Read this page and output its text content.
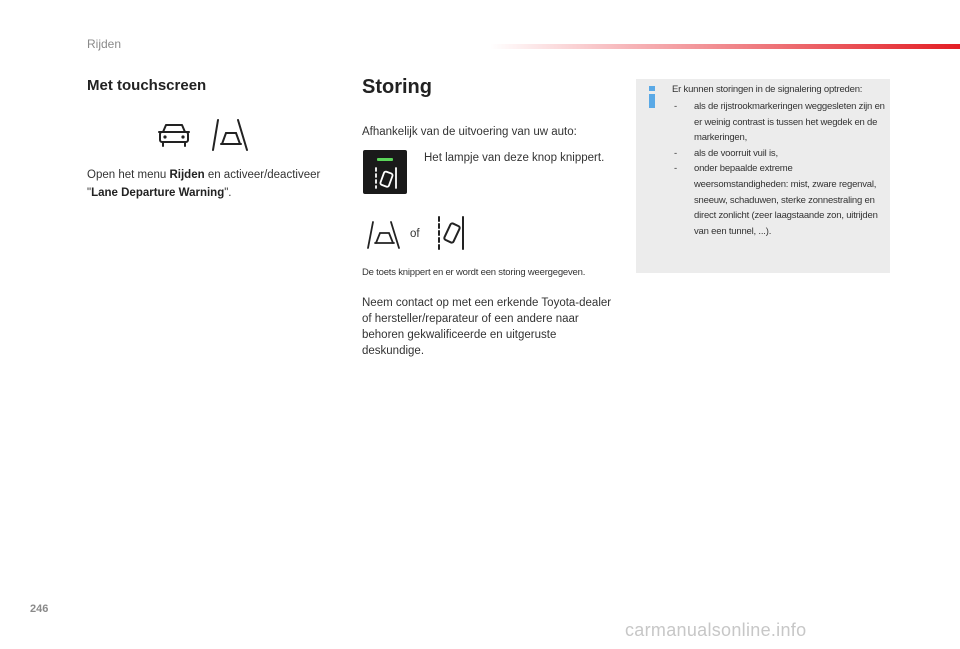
Rijden
Met touchscreen
Open het menu Rijden en activeer/deactiveer "Lane Departure Warning".
Storing
Afhankelijk van de uitvoering van uw auto:
Het lampje van deze knop knippert.
of
De toets knippert en er wordt een storing weergegeven.
Neem contact op met een erkende Toyota-dealer of hersteller/reparateur of een andere naar behoren gekwalificeerde en uitgeruste deskundige.
Er kunnen storingen in de signalering optreden:
- als de rijstrookmarkeringen weggesleten zijn en er weinig contrast is tussen het wegdek en de markeringen,
- als de voorruit vuil is,
- onder bepaalde extreme weersomstandigheden: mist, zware regenval, sneeuw, schaduwen, sterke zonnestraling en direct zonlicht (zeer laagstaande zon, uitrijden van een tunnel, ...).
246
carmanualsonline.info
